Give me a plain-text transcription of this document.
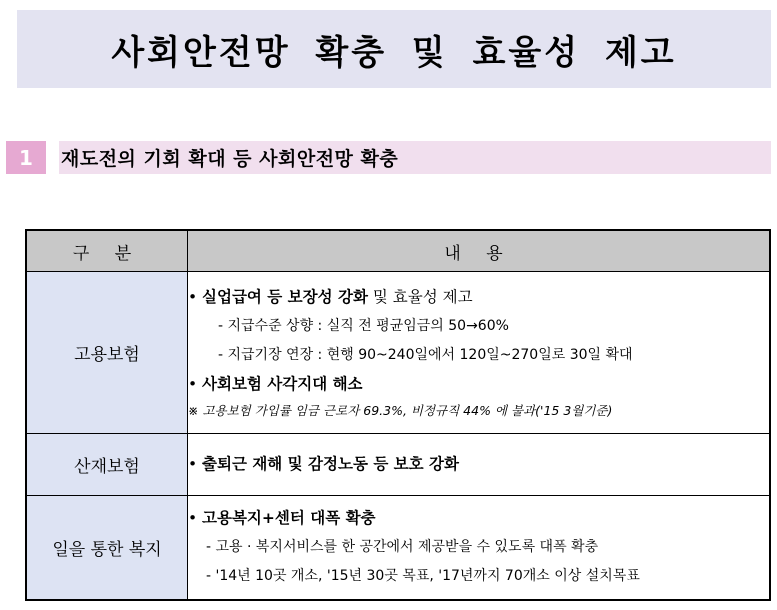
사회안전망 확충 및 효율성 제고
1	재도전의 기회 확대 등 사회안전망 확충
구 분	내 용
고용보험	• 실업급여 등 보장성 강화 및 효율성 제고
- 지급수준 상향 : 실직 전 평균임금의 50→60%
- 지급기장 연장 : 현행 90~240일에서 120일~270일로 30일 확대
• 사회보험 사각지대 해소
※ 고용보험 가입률 임금 근로자 69.3%, 비정규직 44% 에 불과('15 3월기준)

산재보험	• 출퇴근 재해 및 감정노동 등 보호 강화

일을 통한 복지	• 고용복지+센터 대폭 확충
- 고용 · 복지서비스를 한 공간에서 제공받을 수 있도록 대폭 확충
- '14년 10곳 개소, '15년 30곳 목표, '17년까지 70개소 이상 설치목표
